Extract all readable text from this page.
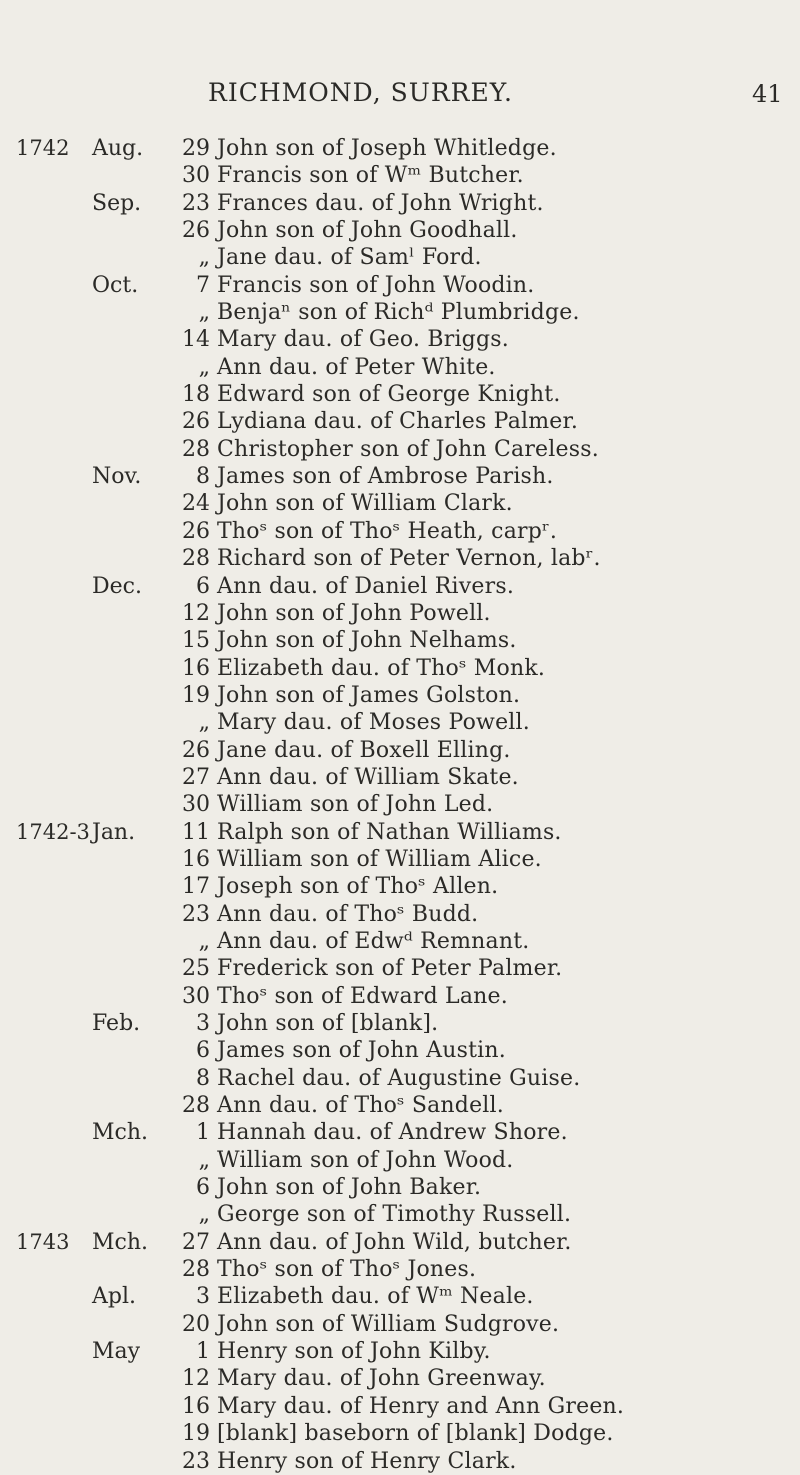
RICHMOND, SURREY.	41
1742 Aug. 29 John son of Joseph Whitledge.
30 Francis son of Wᵐ Butcher.
Sep. 23 Frances dau. of John Wright.
26 John son of John Goodhall.
„ Jane dau. of Samˡ Ford.
Oct.	7 Francis son of John Woodin.
„ Benjaⁿ son of Richᵈ Plumbridge.
14 Mary dau. of Geo. Briggs.
„ Ann dau. of Peter White.
18 Edward son of George Knight.
26 Lydiana dau. of Charles Palmer.
28 Christopher son of John Careless.
Nov.	8 James son of Ambrose Parish.
24 John son of William Clark.
26 Thoˢ son of Thoˢ Heath, carpʳ.
28 Richard son of Peter Vernon, labʳ.
Dec.	6 Ann dau. of Daniel Rivers.
12 John son of John Powell.
15 John son of John Nelhams.
16 Elizabeth dau. of Thoˢ Monk.
19 John son of James Golston.
„ Mary dau. of Moses Powell.
26 Jane dau. of Boxell Elling.
27 Ann dau. of William Skate.
30 William son of John Led.
1742-3 Jan. 11 Ralph son of Nathan Williams.
16 William son of William Alice.
17 Joseph son of Thoˢ Allen.
23 Ann dau. of Thoˢ Budd.
„ Ann dau. of Edwᵈ Remnant.
25 Frederick son of Peter Palmer.
30 Thoˢ son of Edward Lane.
Feb.	3 John son of [blank].
6 James son of John Austin.
8 Rachel dau. of Augustine Guise.
28 Ann dau. of Thoˢ Sandell.
Mch.	1 Hannah dau. of Andrew Shore.
„ William son of John Wood.
6 John son of John Baker.
„ George son of Timothy Russell.
1743 Mch. 27 Ann dau. of John Wild, butcher.
28 Thoˢ son of Thoˢ Jones.
Apl.	3 Elizabeth dau. of Wᵐ Neale.
20 John son of William Sudgrove.
May	1 Henry son of John Kilby.
12 Mary dau. of John Greenway.
16 Mary dau. of Henry and Ann Green.
19 [blank] baseborn of [blank] Dodge.
23 Henry son of Henry Clark.
